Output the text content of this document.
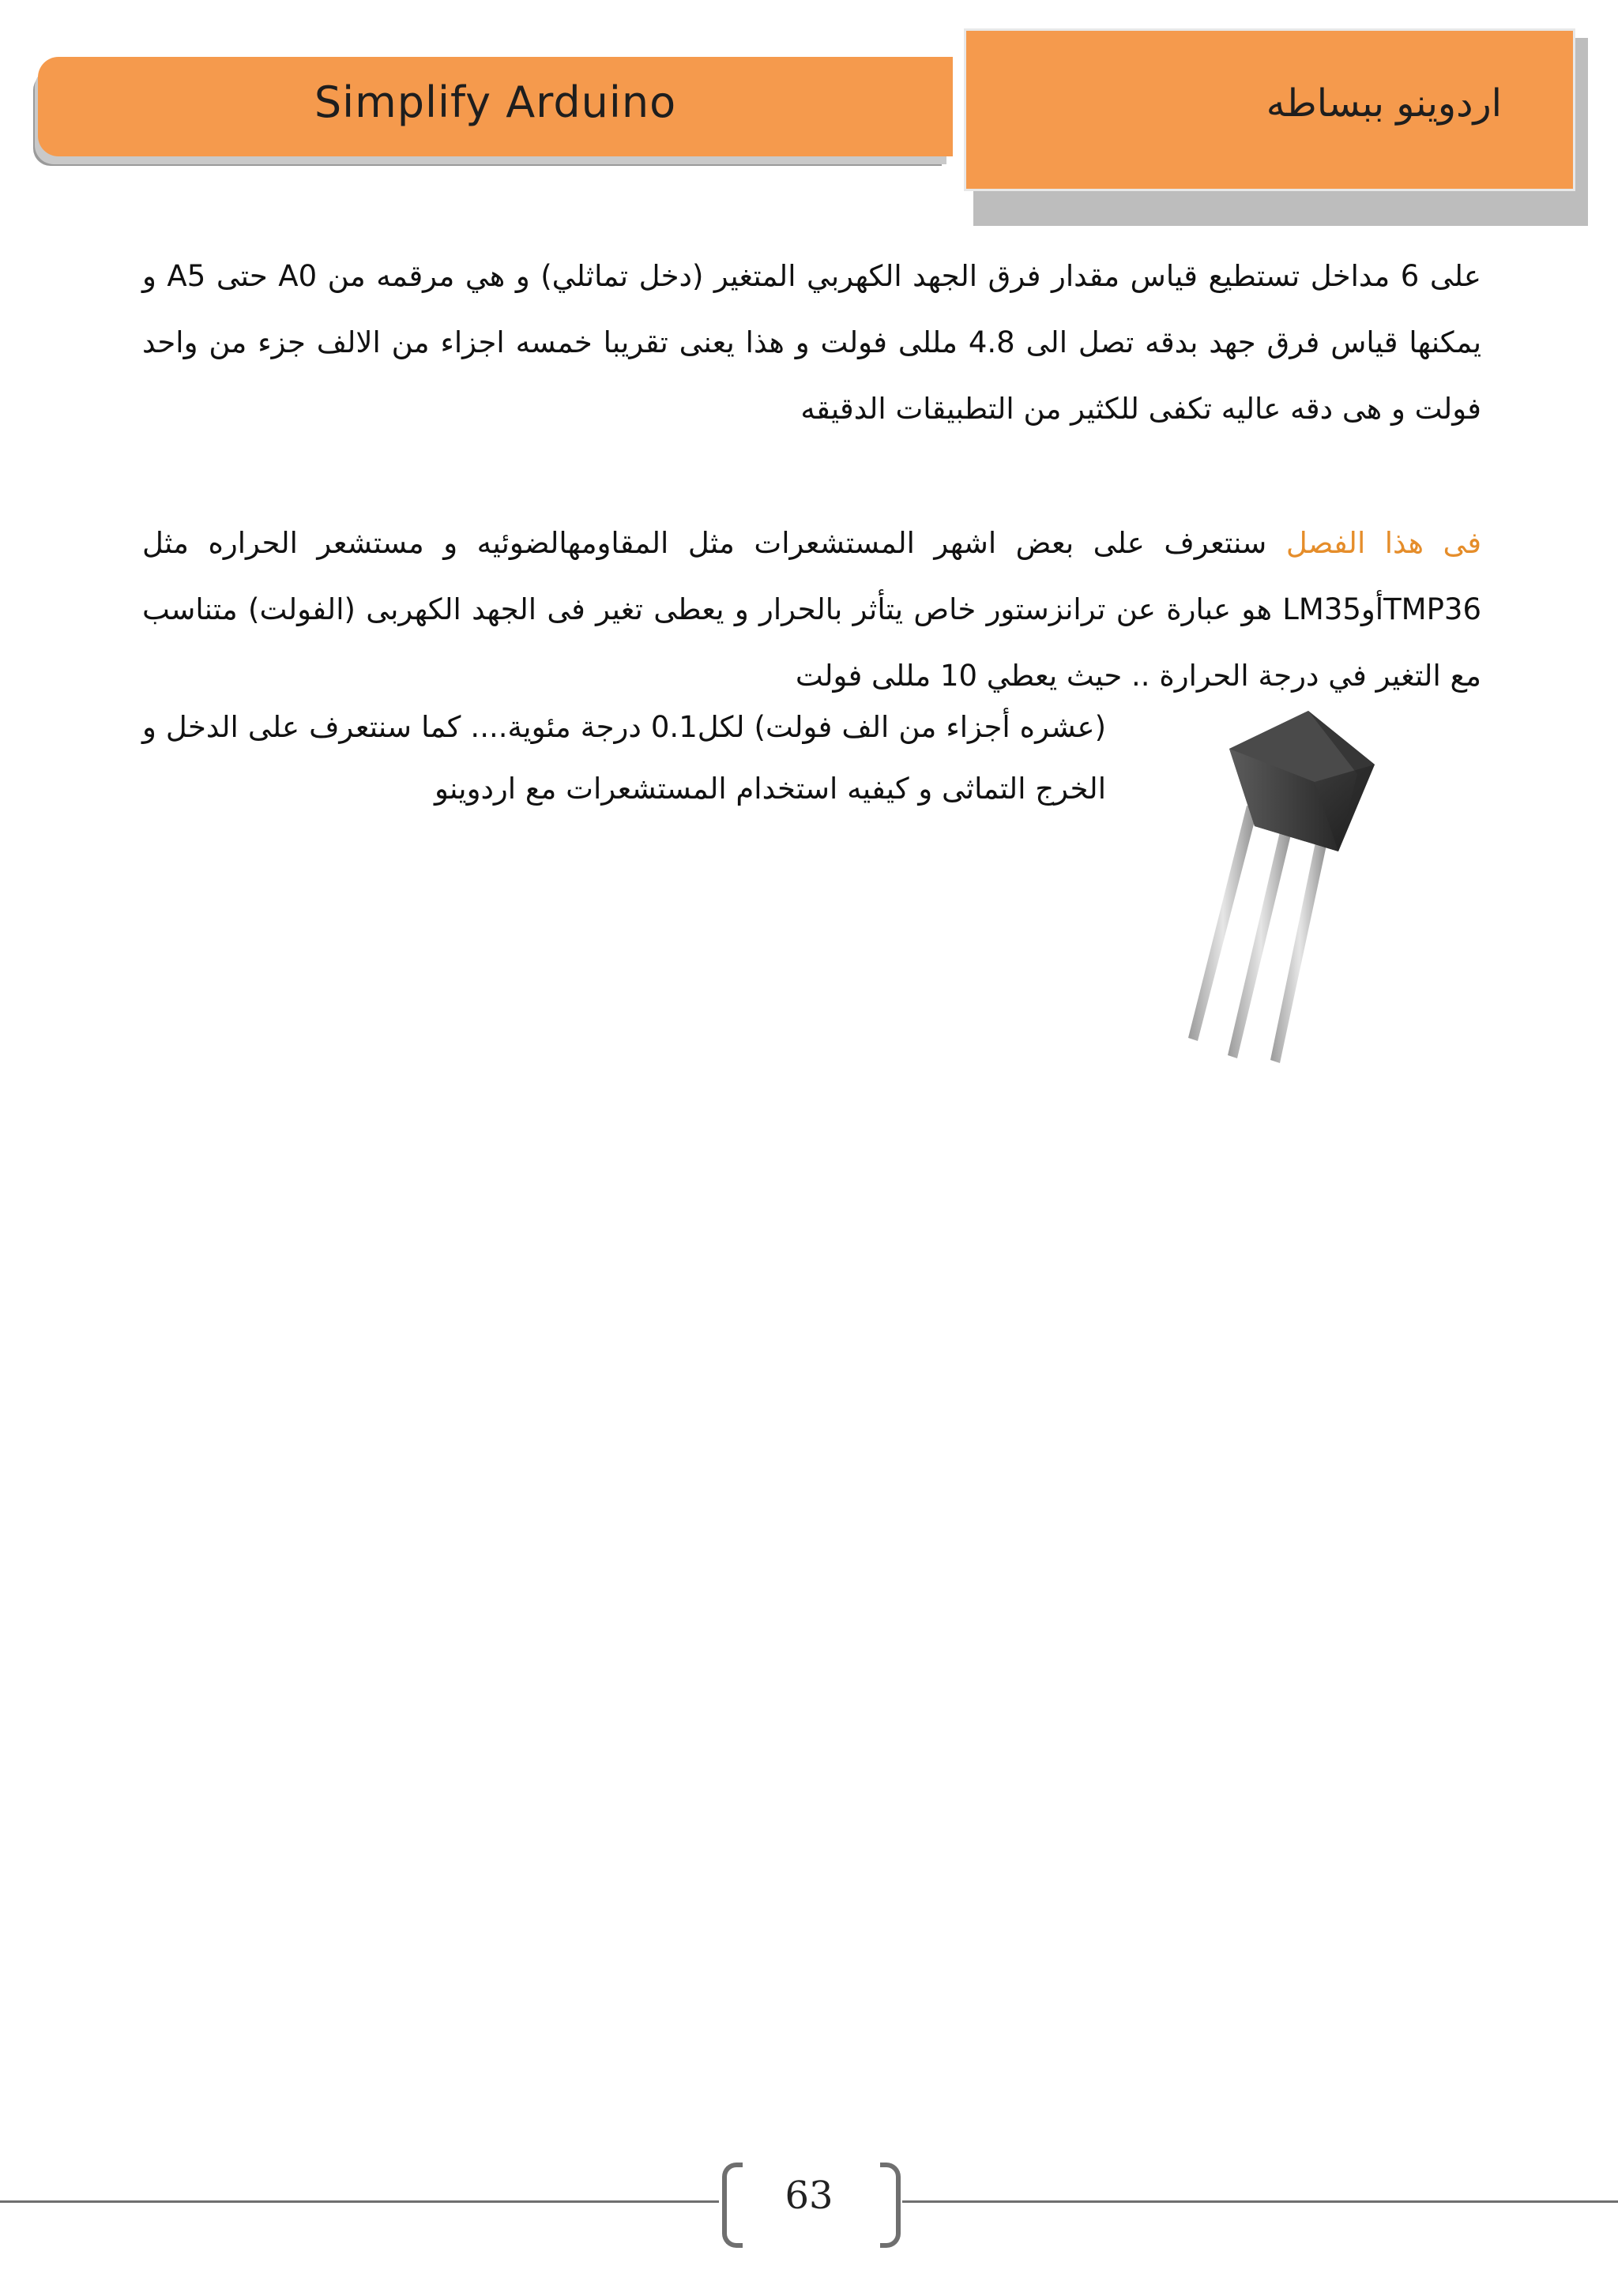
Simplify Arduino	اردوينو ببساطه

على 6 مداخل تستطيع قياس مقدار فرق الجهد الكهربي المتغير (دخل تماثلي) و هي مرقمه من A0 حتى A5 و يمكنها قياس فرق جهد بدقه تصل الى 4.8 مللى فولت و هذا يعنى تقريبا خمسه اجزاء من الالف جزء من واحد فولت و هى دقه عاليه تكفى للكثير من التطبيقات الدقيقه

فى هذا الفصل سنتعرف على بعض اشهر المستشعرات مثل المقاومهالضوئيه و مستشعر الحراره مثل TMP36أوLM35 هو عبارة عن ترانزستور خاص يتأثر بالحرار و يعطى تغير فى الجهد الكهربى (الفولت) متناسب مع التغير في درجة الحرارة .. حيث يعطي 10 مللى فولت

(عشره أجزاء من الف فولت) لكل0.1 درجة مئوية.... كما سنتعرف على الدخل و الخرج التماثى و كيفيه استخدام المستشعرات مع اردوينو

63
